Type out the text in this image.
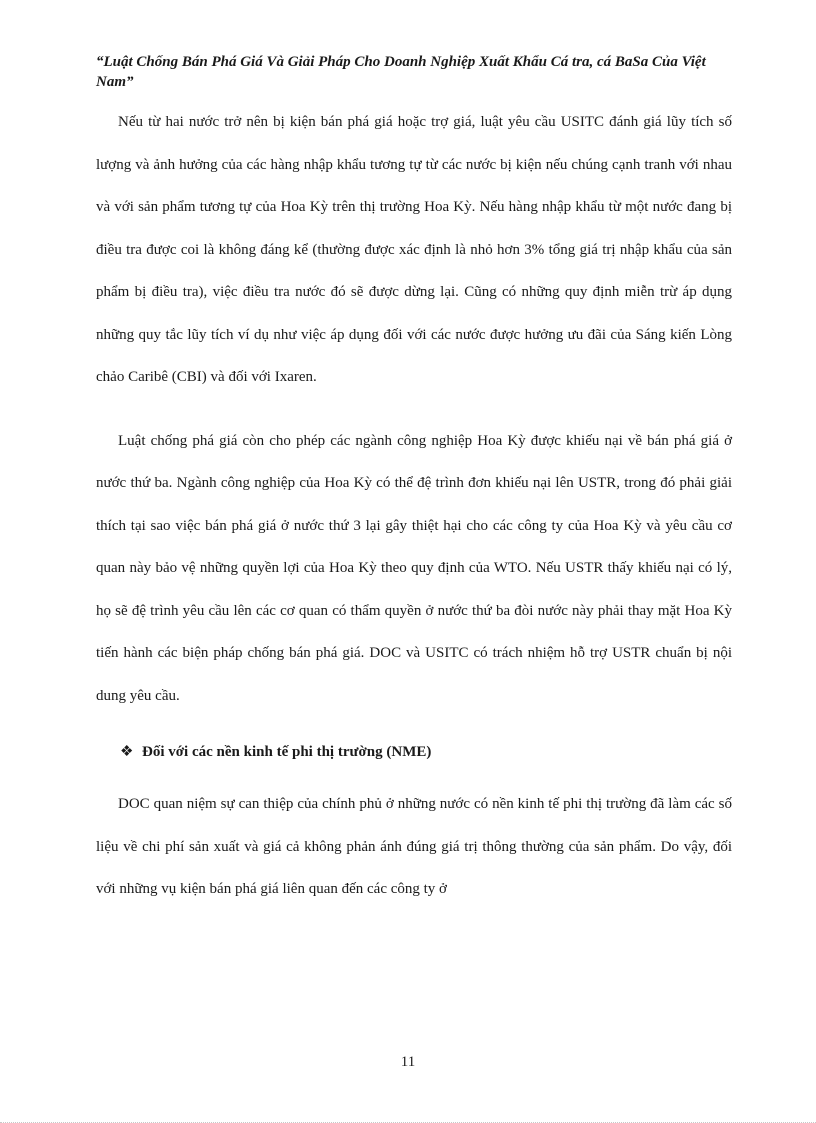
“Luật Chống Bán Phá Giá Và Giải Pháp Cho Doanh Nghiệp Xuất Khẩu Cá tra, cá BaSa Của Việt Nam”

Nếu từ hai nước trở nên bị kiện bán phá giá hoặc trợ giá, luật yêu cầu USITC đánh giá lũy tích số lượng và ảnh hưởng của các hàng nhập khẩu tương tự từ các nước bị kiện nếu chúng cạnh tranh với nhau và với sản phẩm tương tự của Hoa Kỳ trên thị trường Hoa Kỳ. Nếu hàng nhập khẩu từ một nước đang bị điều tra được coi là không đáng kể (thường được xác định là nhỏ hơn 3% tổng giá trị nhập khẩu của sản phẩm bị điều tra), việc điều tra nước đó sẽ được dừng lại. Cũng có những quy định miễn trừ áp dụng những quy tắc lũy tích ví dụ như việc áp dụng đối với các nước được hưởng ưu đãi của Sáng kiến Lòng chảo Caribê (CBI) và đối với Ixaren.

Luật chống phá giá còn cho phép các ngành công nghiệp Hoa Kỳ được khiếu nại về bán phá giá ở nước thứ ba. Ngành công nghiệp của Hoa Kỳ có thể đệ trình đơn khiếu nại lên USTR, trong đó phải giải thích tại sao việc bán phá giá ở nước thứ 3 lại gây thiệt hại cho các công ty của Hoa Kỳ và yêu cầu cơ quan này bảo vệ những quyền lợi của Hoa Kỳ theo quy định của WTO. Nếu USTR thấy khiếu nại có lý, họ sẽ đệ trình yêu cầu lên các cơ quan có thẩm quyền ở nước thứ ba đòi nước này phải thay mặt Hoa Kỳ tiến hành các biện pháp chống bán phá giá. DOC và USITC có trách nhiệm hỗ trợ USTR chuẩn bị nội dung yêu cầu.

❖ Đối với các nền kinh tế phi thị trường (NME)

DOC quan niệm sự can thiệp của chính phủ ở những nước có nền kinh tế phi thị trường đã làm các số liệu về chi phí sản xuất và giá cả không phản ánh đúng giá trị thông thường của sản phẩm. Do vậy, đối với những vụ kiện bán phá giá liên quan đến các công ty ở

11
